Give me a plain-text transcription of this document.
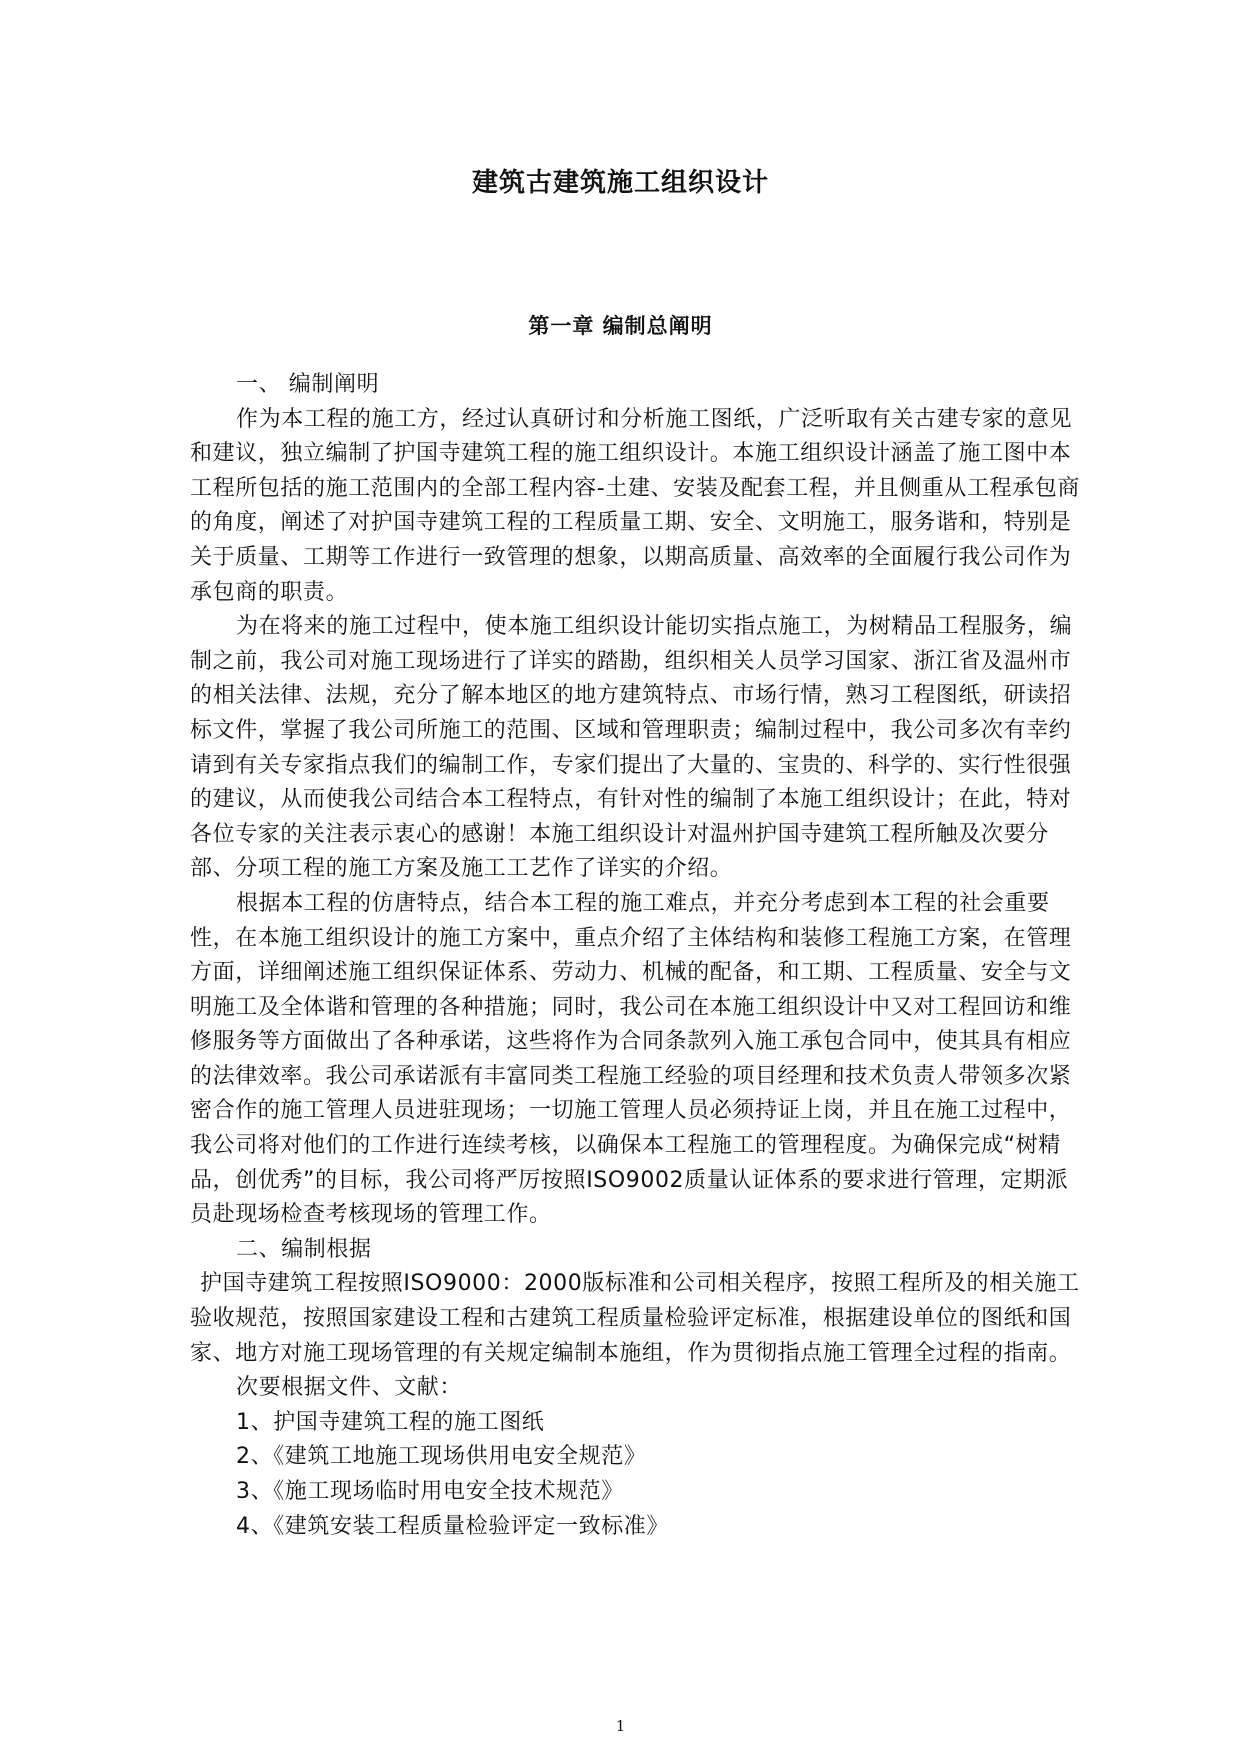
建筑古建筑施工组织设计
第一章 编制总阐明

一、 编制阐明

作为本工程的施工方，经过认真研讨和分析施工图纸，广泛听取有关古建专家的意见和建议，独立编制了护国寺建筑工程的施工组织设计。本施工组织设计涵盖了施工图中本工程所包括的施工范围内的全部工程内容-土建、安装及配套工程，并且侧重从工程承包商的角度，阐述了对护国寺建筑工程的工程质量工期、安全、文明施工，服务谐和，特别是关于质量、工期等工作进行一致管理的想象，以期高质量、高效率的全面履行我公司作为承包商的职责。

为在将来的施工过程中，使本施工组织设计能切实指点施工，为树精品工程服务，编制之前，我公司对施工现场进行了详实的踏勘，组织相关人员学习国家、浙江省及温州市的相关法律、法规，充分了解本地区的地方建筑特点、市场行情，熟习工程图纸，研读招标文件，掌握了我公司所施工的范围、区域和管理职责；编制过程中，我公司多次有幸约请到有关专家指点我们的编制工作，专家们提出了大量的、宝贵的、科学的、实行性很强的建议，从而使我公司结合本工程特点，有针对性的编制了本施工组织设计；在此，特对各位专家的关注表示衷心的感谢！本施工组织设计对温州护国寺建筑工程所触及次要分部、分项工程的施工方案及施工工艺作了详实的介绍。

根据本工程的仿唐特点，结合本工程的施工难点，并充分考虑到本工程的社会重要性，在本施工组织设计的施工方案中，重点介绍了主体结构和装修工程施工方案，在管理方面，详细阐述施工组织保证体系、劳动力、机械的配备，和工期、工程质量、安全与文明施工及全体谐和管理的各种措施；同时，我公司在本施工组织设计中又对工程回访和维修服务等方面做出了各种承诺，这些将作为合同条款列入施工承包合同中，使其具有相应的法律效率。我公司承诺派有丰富同类工程施工经验的项目经理和技术负责人带领多次紧密合作的施工管理人员进驻现场；一切施工管理人员必须持证上岗，并且在施工过程中，我公司将对他们的工作进行连续考核，以确保本工程施工的管理程度。为确保完成“树精品，创优秀”的目标，我公司将严厉按照ISO9002质量认证体系的要求进行管理，定期派员赴现场检查考核现场的管理工作。

二、编制根据

护国寺建筑工程按照ISO9000：2000版标准和公司相关程序，按照工程所及的相关施工验收规范，按照国家建设工程和古建筑工程质量检验评定标准，根据建设单位的图纸和国家、地方对施工现场管理的有关规定编制本施组，作为贯彻指点施工管理全过程的指南。

次要根据文件、文献：

1、护国寺建筑工程的施工图纸
2、《建筑工地施工现场供用电安全规范》
3、《施工现场临时用电安全技术规范》
4、《建筑安装工程质量检验评定一致标准》
1
